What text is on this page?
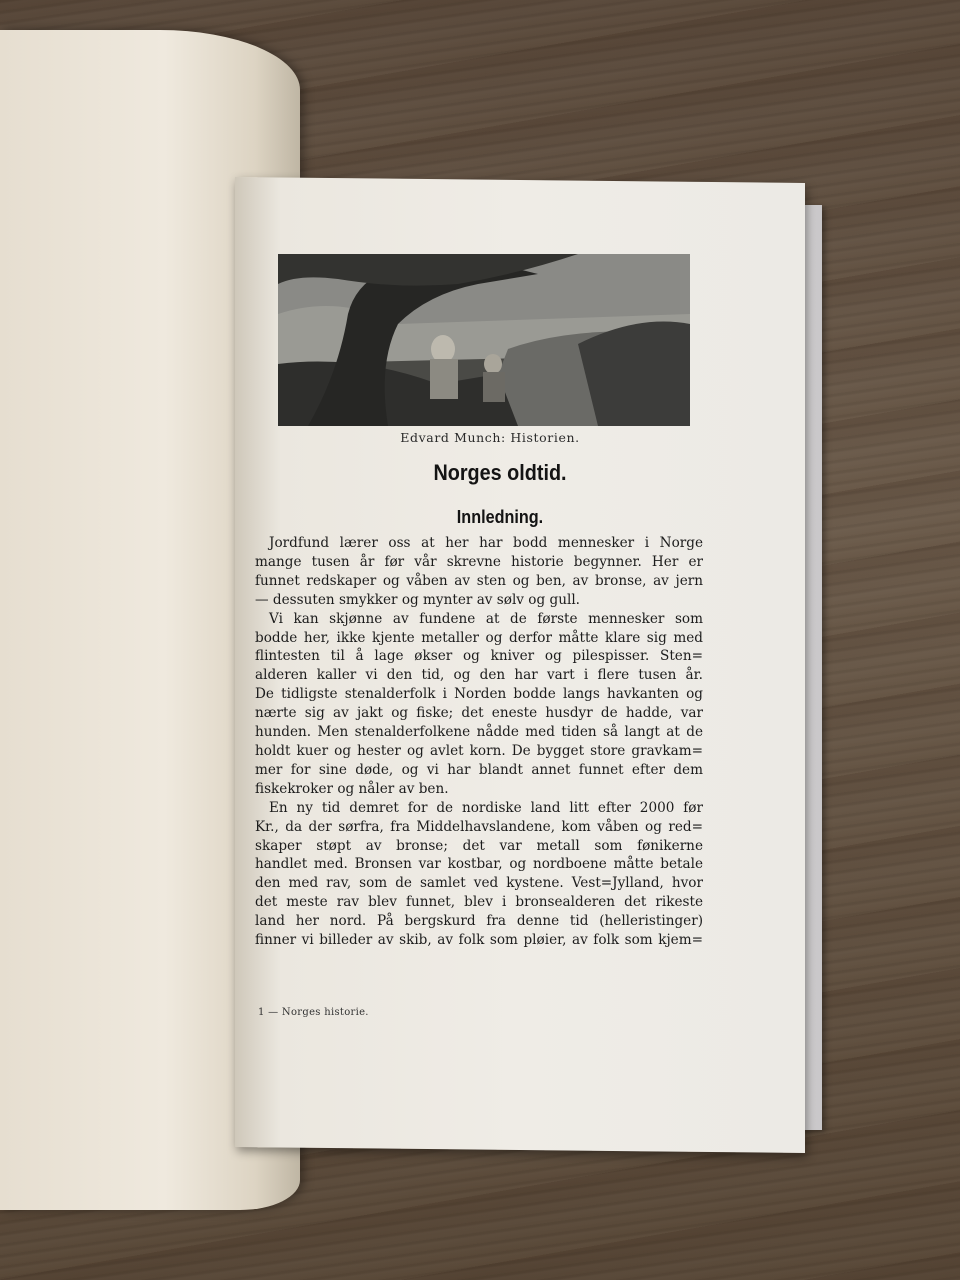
Edvard Munch: Historien.
Norges oldtid.
Innledning.
Jordfund lærer oss at her har bodd mennesker i Norge
mange tusen år før vår skrevne historie begynner. Her er
funnet redskaper og våben av sten og ben, av bronse, av jern
— dessuten smykker og mynter av sølv og gull.
Vi kan skjønne av fundene at de første mennesker som
bodde her, ikke kjente metaller og derfor måtte klare sig med
flintesten til å lage økser og kniver og pilespisser. Sten=
alderen kaller vi den tid, og den har vart i flere tusen år.
De tidligste stenalderfolk i Norden bodde langs havkanten og
nærte sig av jakt og fiske; det eneste husdyr de hadde, var
hunden. Men stenalderfolkene nådde med tiden så langt at de
holdt kuer og hester og avlet korn. De bygget store gravkam=
mer for sine døde, og vi har blandt annet funnet efter dem
fiskekroker og nåler av ben.
En ny tid demret for de nordiske land litt efter 2000 før
Kr., da der sørfra, fra Middelhavslandene, kom våben og red=
skaper støpt av bronse; det var metall som fønikerne
handlet med. Bronsen var kostbar, og nordboene måtte betale
den med rav, som de samlet ved kystene. Vest=Jylland, hvor
det meste rav blev funnet, blev i bronsealderen det rikeste
land her nord. På bergskurd fra denne tid (helleristinger)
finner vi billeder av skib, av folk som pløier, av folk som kjem=
1 — Norges historie.
